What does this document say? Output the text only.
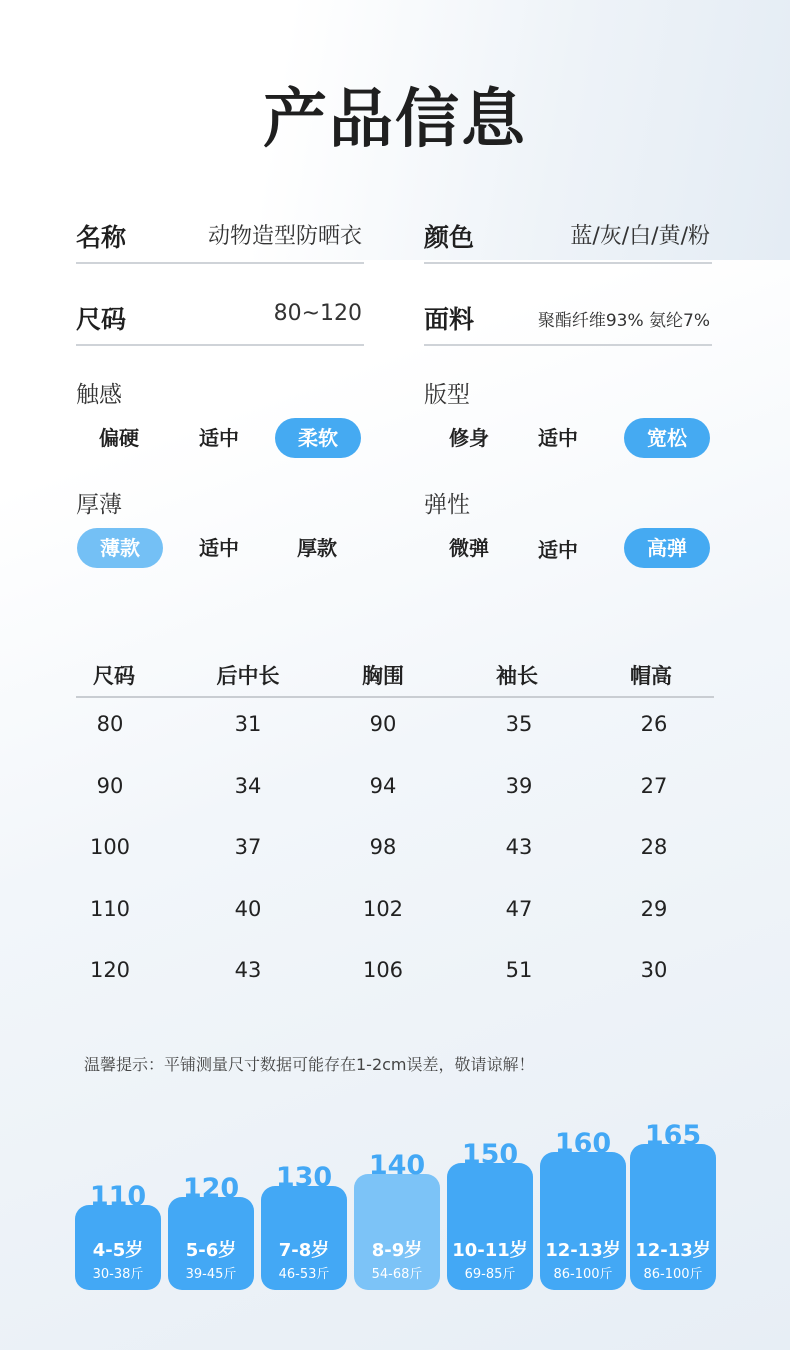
产品信息
名称	动物造型防晒衣 颜色	蓝/灰/白/黄/粉
尺码	80~120 面料	聚酯纤维93% 氨纶7%
触感
偏硬	适中	柔软
版型
修身	适中	宽松
厚薄
薄款	适中	厚款
弹性
微弹	适中	高弹
尺码	后中长	胸围	袖长	帽高
80	31	90	35	26
90	34	94	39	27
100	37	98	43	28
110	40	102	47	29
120	43	106	51	30
温馨提示：平铺测量尺寸数据可能存在1-2cm误差，敬请谅解！
110
4-5岁
30-38斤
120
5-6岁
39-45斤
130
7-8岁
46-53斤
140
8-9岁
54-68斤
150
10-11岁
69-85斤
160
12-13岁
86-100斤
165
12-13岁
86-100斤
